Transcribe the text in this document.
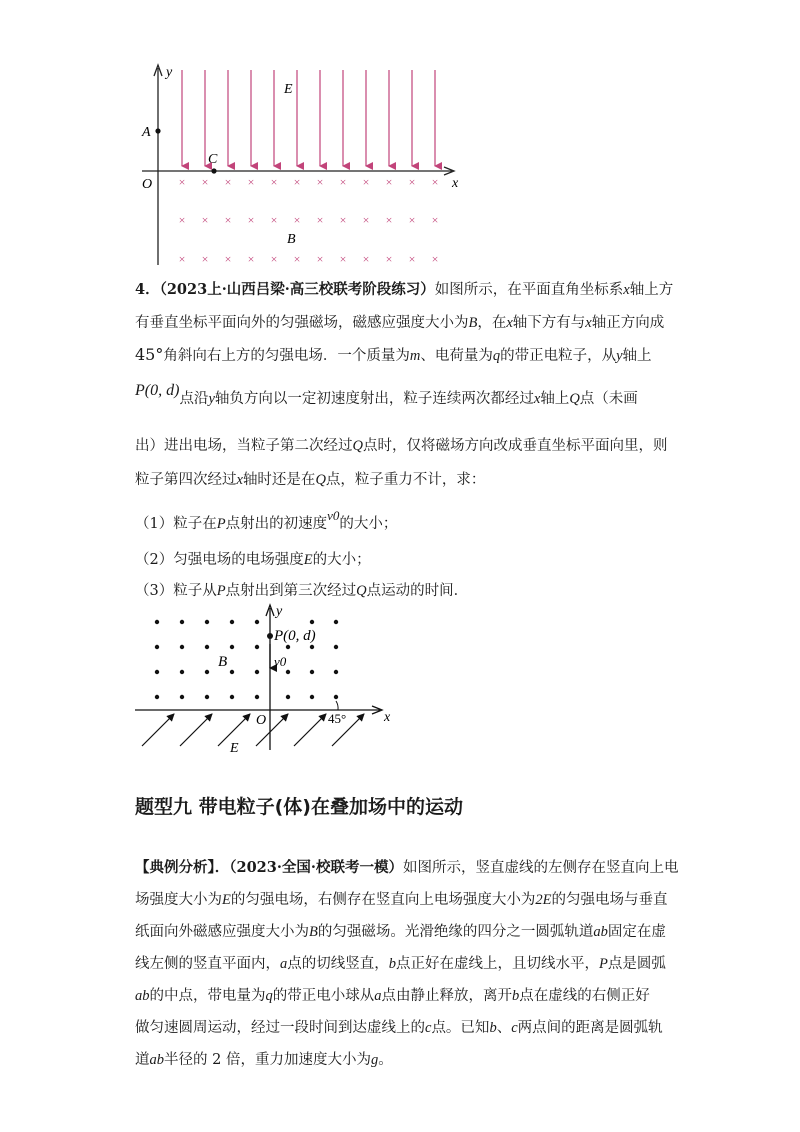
y
x
O
A
C
E
B
× × × × × × × × × × × ×
× × × × × × × × × × × ×
× × × × × × × × × × × ×
4．（2023上·山西吕梁·高三校联考阶段练习）如图所示，在平面直角坐标系x轴上方
有垂直坐标平面向外的匀强磁场，磁感应强度大小为B，在x轴下方有与x轴正方向成
45°角斜向右上方的匀强电场．一个质量为m、电荷量为q的带正电粒子，从y轴上
P(0, d)点沿y轴负方向以一定初速度射出，粒子连续两次都经过x轴上Q点（未画
出）进出电场，当粒子第二次经过Q点时，仅将磁场方向改成垂直坐标平面向里，则
粒子第四次经过x轴时还是在Q点，粒子重力不计，求：
（1）粒子在P点射出的初速度v0的大小；
（2）匀强电场的电场强度E的大小；
（3）粒子从P点射出到第三次经过Q点运动的时间．
y
x
O
B
E
45°
P(0, d)
v0
题型九 带电粒子(体)在叠加场中的运动
【典例分析】．（2023·全国·校联考一模）如图所示，竖直虚线的左侧存在竖直向上电
场强度大小为E的匀强电场，右侧存在竖直向上电场强度大小为2E的匀强电场与垂直
纸面向外磁感应强度大小为B的匀强磁场。光滑绝缘的四分之一圆弧轨道ab固定在虚
线左侧的竖直平面内，a点的切线竖直，b点正好在虚线上，且切线水平，P点是圆弧
ab的中点，带电量为q的带正电小球从a点由静止释放，离开b点在虚线的右侧正好
做匀速圆周运动，经过一段时间到达虚线上的c点。已知b、c两点间的距离是圆弧轨
道ab半径的 2 倍，重力加速度大小为g。
